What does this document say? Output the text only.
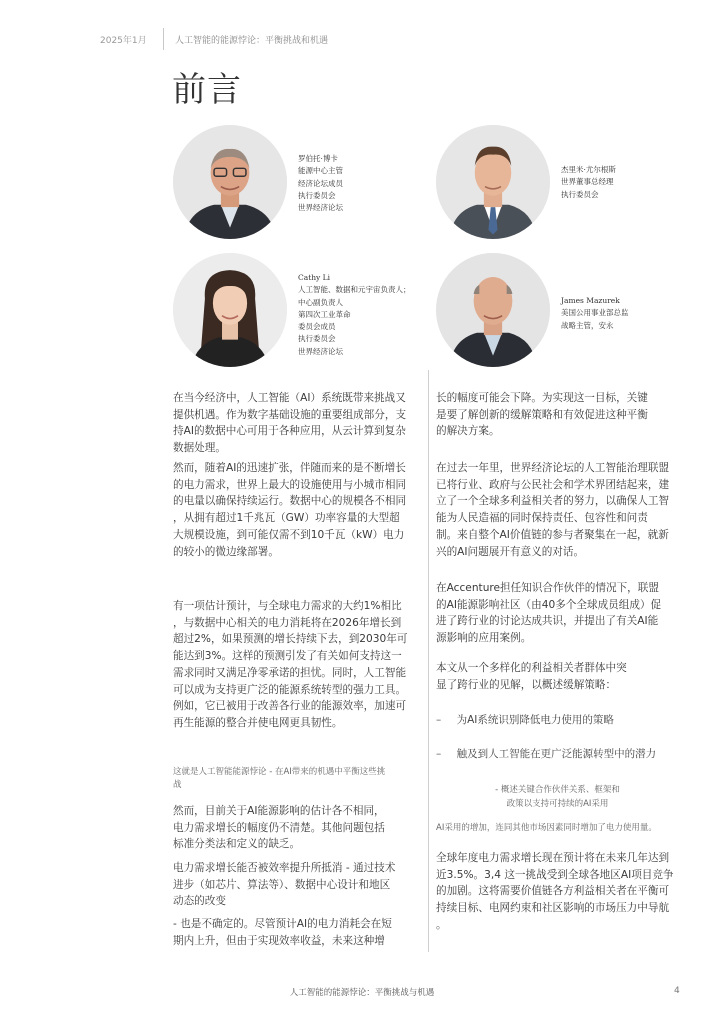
2025年1月	人工智能的能源悖论：平衡挑战和机遇
前言
罗伯托·博卡
能源中心主管
经济论坛成员
执行委员会
世界经济论坛
杰里米·尤尔根斯
世界董事总经理
执行委员会
Cathy Li
人工智能、数据和元宇宙负责人；
中心副负责人
第四次工业革命
委员会成员
执行委员会
世界经济论坛
James Mazurek
美国公用事业部总监
战略主管，安永
在当今经济中，人工智能（AI）系统既带来挑战又
提供机遇。作为数字基础设施的重要组成部分，支
持AI的数据中心可用于各种应用，从云计算到复杂
数据处理。
然而，随着AI的迅速扩张，伴随而来的是不断增长
的电力需求，世界上最大的设施使用与小城市相同
的电量以确保持续运行。数据中心的规模各不相同
，从拥有超过1千兆瓦（GW）功率容量的大型超
大规模设施，到可能仅需不到10千瓦（kW）电力
的较小的微边缘部署。
有一项估计预计，与全球电力需求的大约1%相比
，与数据中心相关的电力消耗将在2026年增长到
超过2%，如果预测的增长持续下去，到2030年可
能达到3%。这样的预测引发了有关如何支持这一
需求同时又满足净零承诺的担忧。同时，人工智能
可以成为支持更广泛的能源系统转型的强力工具。
例如，它已被用于改善各行业的能源效率，加速可
再生能源的整合并使电网更具韧性。
这就是人工智能能源悖论 - 在AI带来的机遇中平衡这些挑
战
然而，目前关于AI能源影响的估计各不相同，
电力需求增长的幅度仍不清楚。其他问题包括
标准分类法和定义的缺乏。
电力需求增长能否被效率提升所抵消 - 通过技术
进步（如芯片、算法等）、数据中心设计和地区
动态的改变
- 也是不确定的。尽管预计AI的电力消耗会在短
期内上升，但由于实现效率收益，未来这种增
长的幅度可能会下降。为实现这一目标，关键
是要了解创新的缓解策略和有效促进这种平衡
的解决方案。
在过去一年里，世界经济论坛的人工智能治理联盟
已将行业、政府与公民社会和学术界团结起来，建
立了一个全球多利益相关者的努力，以确保人工智
能为人民造福的同时保持责任、包容性和问责
制。来自整个AI价值链的参与者聚集在一起，就新
兴的AI问题展开有意义的对话。
在Accenture担任知识合作伙伴的情况下，联盟
的AI能源影响社区（由40多个全球成员组成）促
进了跨行业的讨论达成共识，并提出了有关AI能
源影响的应用案例。
本文从一个多样化的利益相关者群体中突
显了跨行业的见解，以概述缓解策略：
– 为AI系统识别降低电力使用的策略
– 触及到人工智能在更广泛能源转型中的潜力
- 概述关键合作伙伴关系、框架和
政策以支持可持续的AI采用
AI采用的增加，连同其他市场因素同时增加了电力使用量。
全球年度电力需求增长现在预计将在未来几年达到
近3.5%。3,4 这一挑战受到全球各地区AI项目竞争
的加剧。这将需要价值链各方利益相关者在平衡可
持续目标、电网约束和社区影响的市场压力中导航
。
人工智能的能源悖论：平衡挑战与机遇	4
